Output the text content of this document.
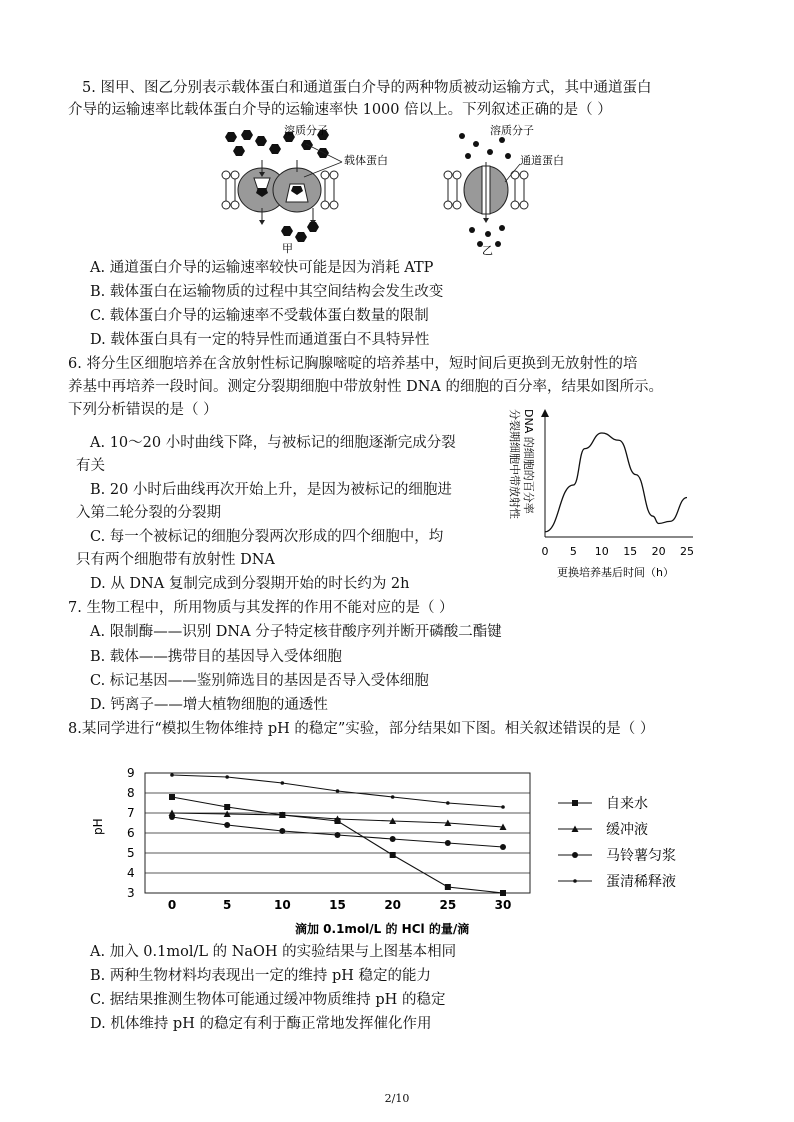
5. 图甲、图乙分别表示载体蛋白和通道蛋白介导的两种物质被动运输方式，其中通道蛋白
介导的运输速率比载体蛋白介导的运输速率快 1000 倍以上。下列叙述正确的是（ ）
溶质分子
载体蛋白
甲
溶质分子
通道蛋白
乙
A. 通道蛋白介导的运输速率较快可能是因为消耗 ATP
B. 载体蛋白在运输物质的过程中其空间结构会发生改变
C. 载体蛋白介导的运输速率不受载体蛋白数量的限制
D. 载体蛋白具有一定的特异性而通道蛋白不具特异性
6. 将分生区细胞培养在含放射性标记胸腺嘧啶的培养基中，短时间后更换到无放射性的培
养基中再培养一段时间。测定分裂期细胞中带放射性 DNA 的细胞的百分率，结果如图所示。
下列分析错误的是（ ）
A. 10～20 小时曲线下降，与被标记的细胞逐渐完成分裂
有关
B. 20 小时后曲线再次开始上升，是因为被标记的细胞进
入第二轮分裂的分裂期
C. 每一个被标记的细胞分裂两次形成的四个细胞中，均
只有两个细胞带有放射性 DNA
D. 从 DNA 复制完成到分裂期开始的时长约为 2h
分裂期细胞中带放射性 DNA 的细胞的百分率
0 5 10 15 20 25
更换培养基后时间（h）
7. 生物工程中，所用物质与其发挥的作用不能对应的是（ ）
A. 限制酶——识别 DNA 分子特定核苷酸序列并断开磷酸二酯键
B. 载体——携带目的基因导入受体细胞
C. 标记基因——鉴别筛选目的基因是否导入受体细胞
D. 钙离子——增大植物细胞的通透性
8.某同学进行“模拟生物体维持 pH 的稳定”实验，部分结果如下图。相关叙述错误的是（ ）
3
4
5
6
7
8
9
0	5	10	15	20	25	30
pH
滴加 0.1mol/L 的 HCl 的量/滴
自来水
缓冲液
马铃薯匀浆
蛋清稀释液
A. 加入 0.1mol/L 的 NaOH 的实验结果与上图基本相同
B. 两种生物材料均表现出一定的维持 pH 稳定的能力
C. 据结果推测生物体可能通过缓冲物质维持 pH 的稳定
D. 机体维持 pH 的稳定有利于酶正常地发挥催化作用
2/10
